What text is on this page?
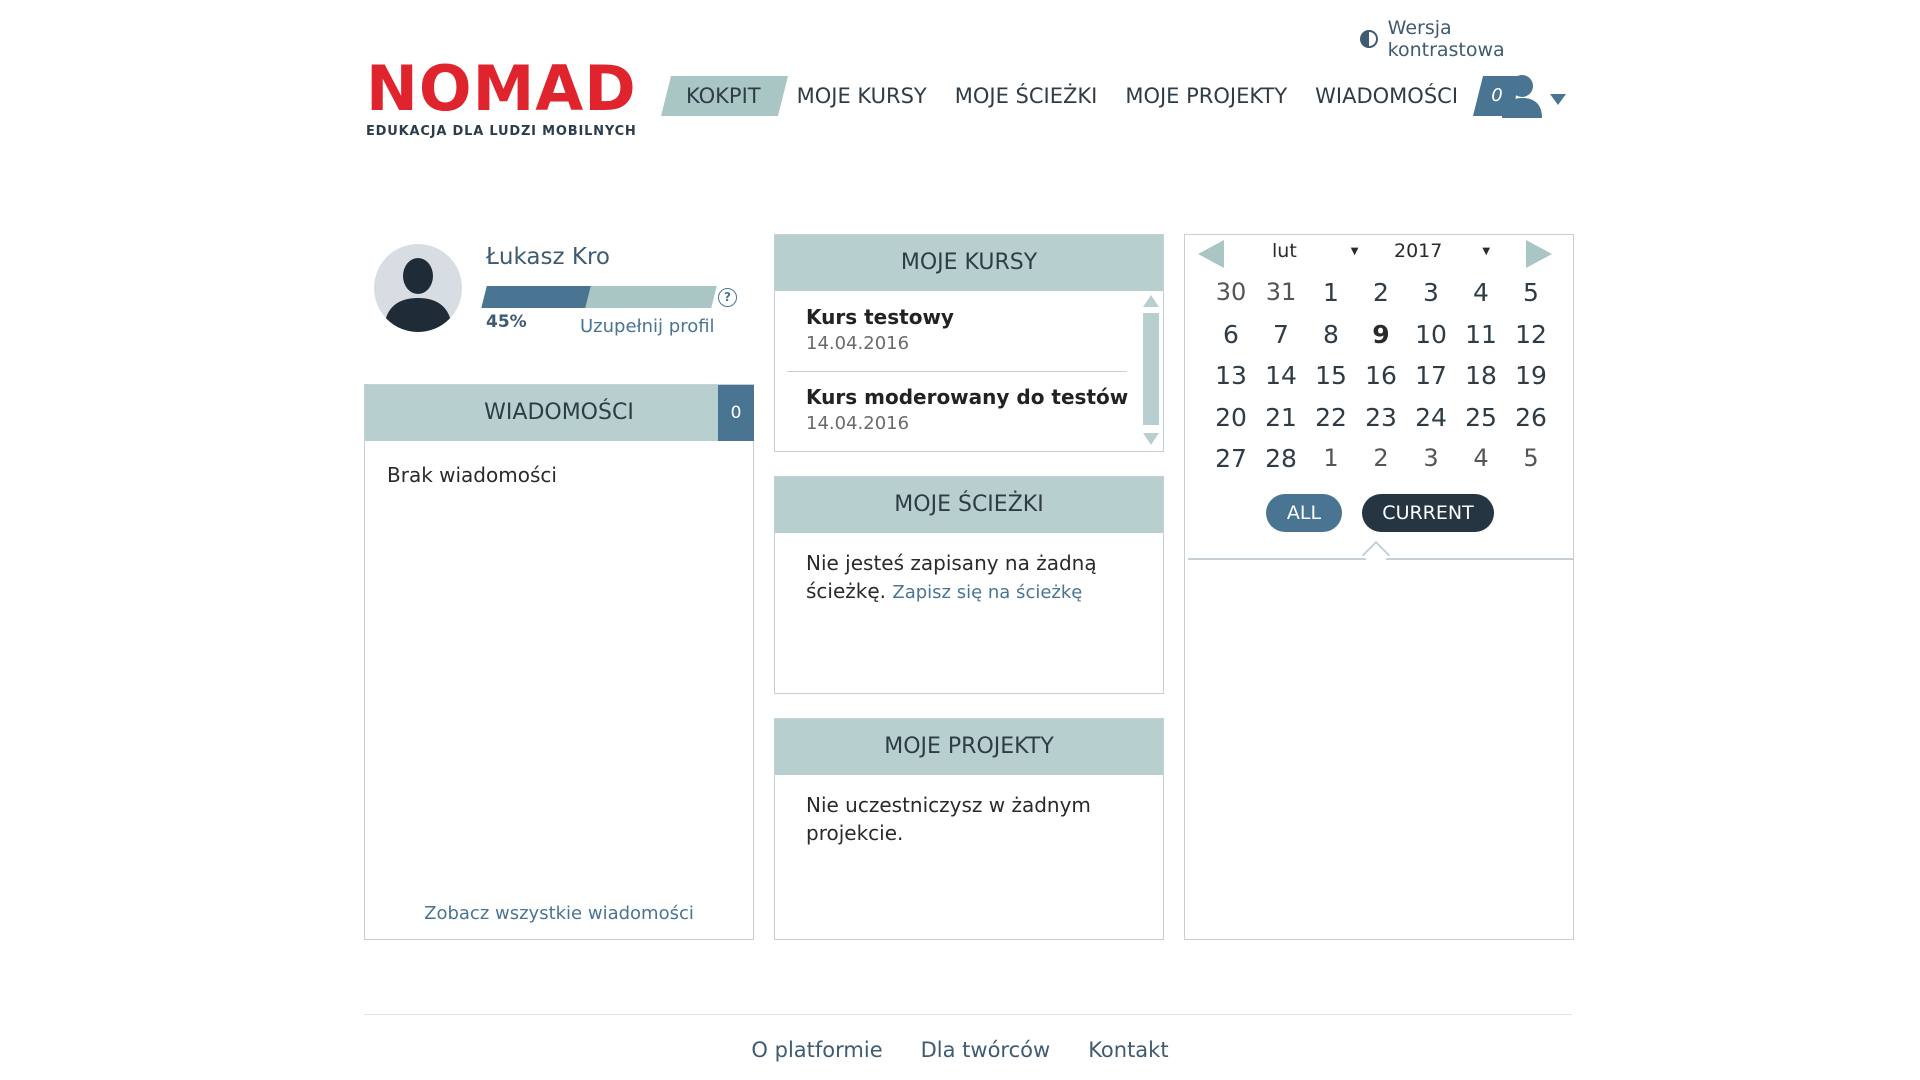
Wersja kontrastowa
NOMAD
EDUKACJA DLA LUDZI MOBILNYCH
KOKPIT	MOJE KURSY	MOJE ŚCIEŻKI	MOJE PROJEKTY	WIADOMOŚCI	0
Łukasz Kro
?
45%	Uzupełnij profil
WIADOMOŚCI	0
Brak wiadomości
Zobacz wszystkie wiadomości
MOJE KURSY
Kurs testowy
14.04.2016
Kurs moderowany do testów
14.04.2016
MOJE ŚCIEŻKI
Nie jesteś zapisany na żadną ścieżkę. Zapisz się na ścieżkę
MOJE PROJEKTY
Nie uczestniczysz w żadnym projekcie.
lut	▼ 2017	▼
30 31	1	2	3	4	5
6	7	8	9	10 11 12
13 14 15 16 17 18 19
20 21 22 23 24 25 26
27 28	1	2	3	4	5
ALL	CURRENT
O platformie Dla twórców Kontakt
